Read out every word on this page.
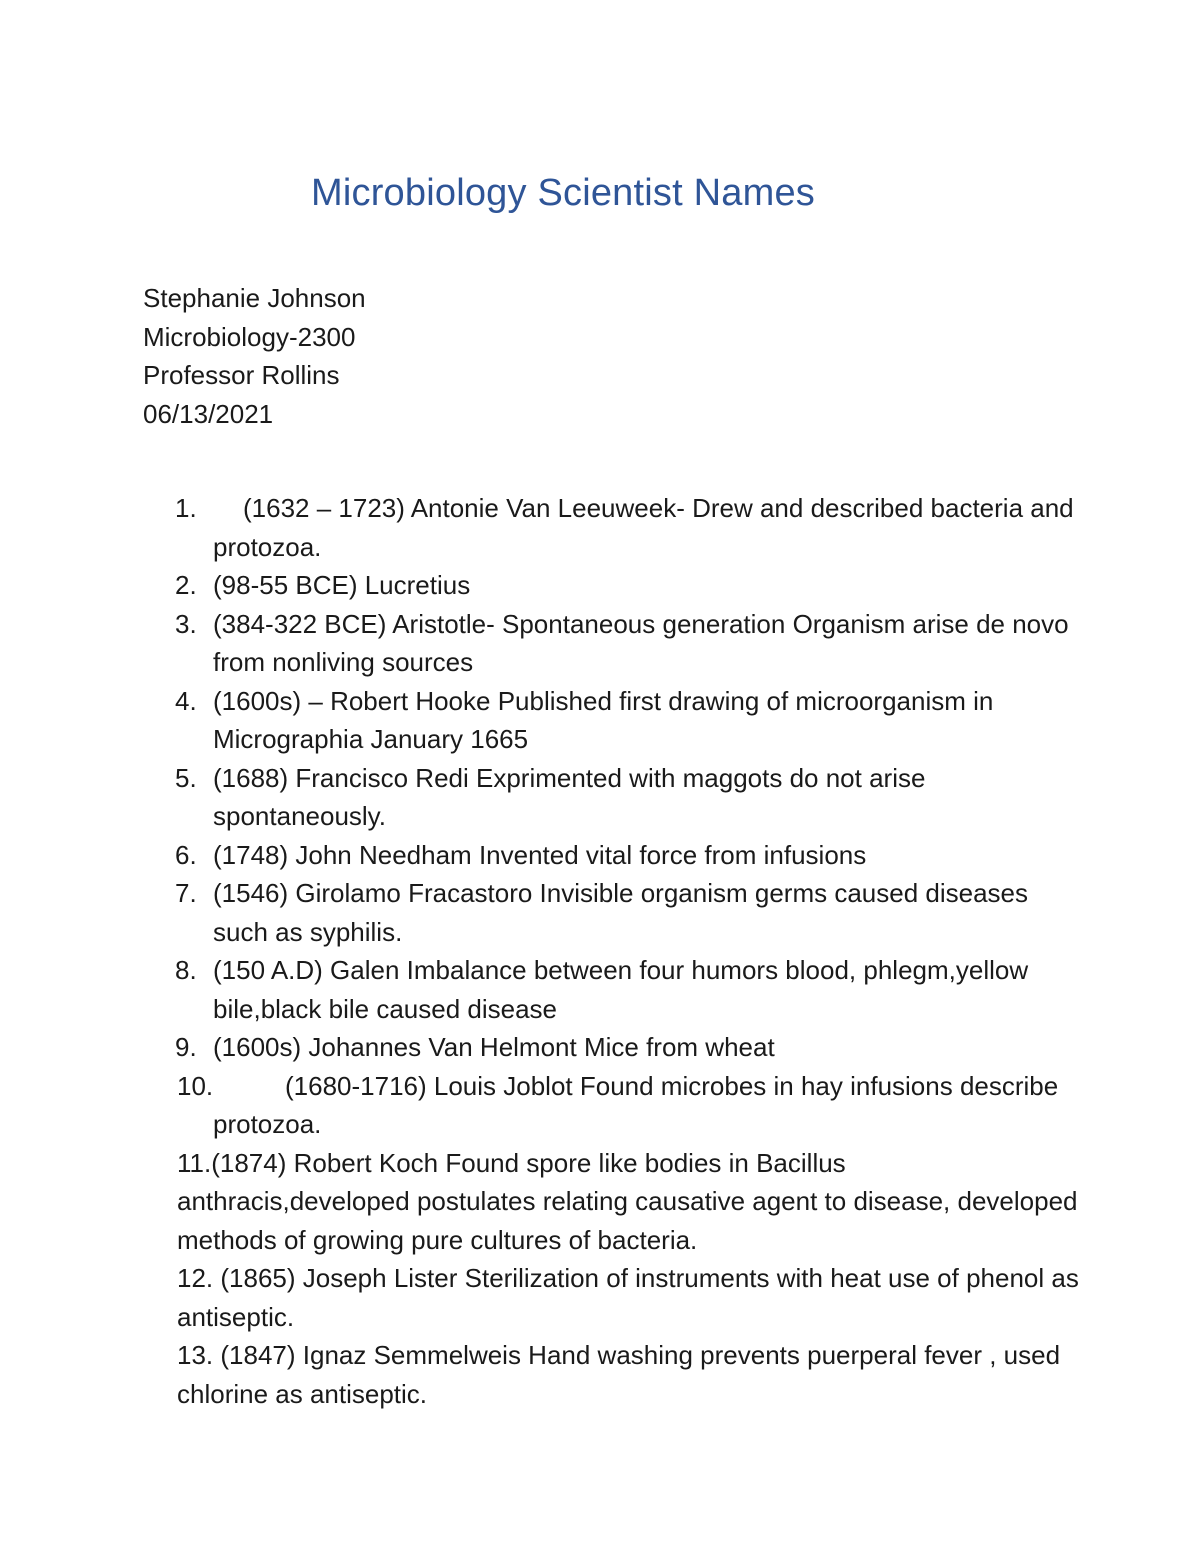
Microbiology Scientist Names
Stephanie Johnson
Microbiology-2300
Professor Rollins
06/13/2021
1.	(1632 – 1723) Antonie Van Leeuweek- Drew and described bacteria and protozoa.
2. (98-55 BCE) Lucretius
3. (384-322 BCE) Aristotle- Spontaneous generation Organism arise de novo from nonliving sources
4. (1600s) – Robert Hooke Published first drawing of microorganism in Micrographia January 1665
5. (1688) Francisco Redi Exprimented with maggots do not arise spontaneously.
6. (1748) John Needham Invented vital force from infusions
7. (1546) Girolamo Fracastoro Invisible organism germs caused diseases such as syphilis.
8. (150 A.D) Galen Imbalance between four humors blood, phlegm,yellow bile,black bile caused disease
9. (1600s) Johannes Van Helmont Mice from wheat
10.	(1680-1716) Louis Joblot Found microbes in hay infusions describe protozoa.
11.(1874) Robert Koch Found spore like bodies in Bacillus anthracis,developed postulates relating causative agent to disease, developed methods of growing pure cultures of bacteria.
12. (1865) Joseph Lister Sterilization of instruments with heat use of phenol as antiseptic.
13. (1847) Ignaz Semmelweis Hand washing prevents puerperal fever , used chlorine as antiseptic.
